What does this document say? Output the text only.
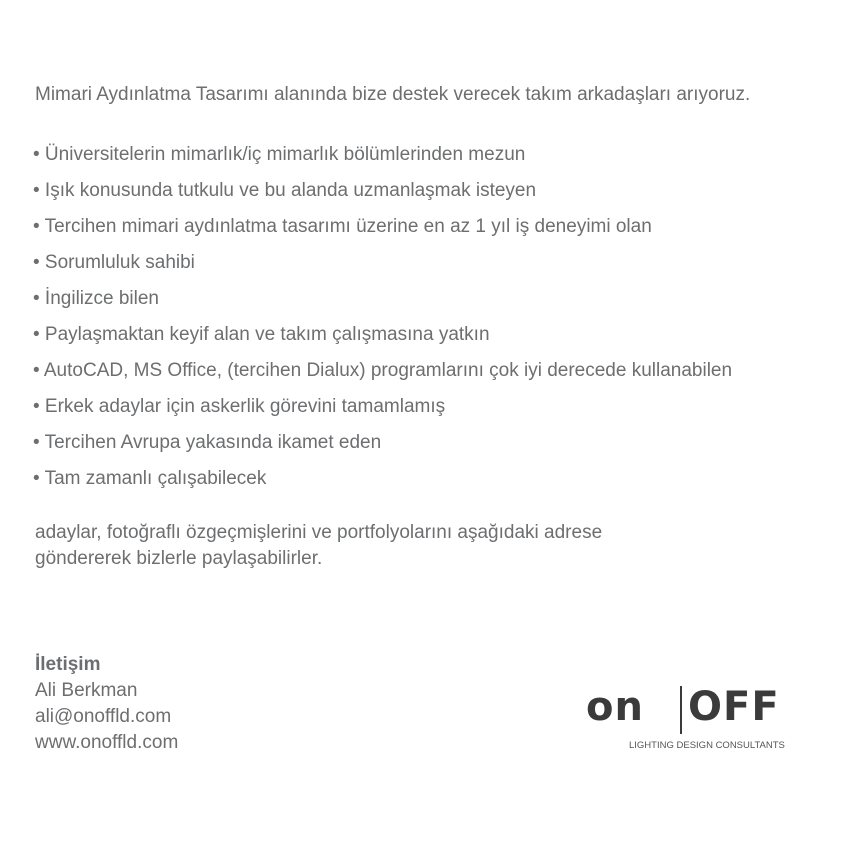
Mimari Aydınlatma Tasarımı alanında bize destek verecek takım arkadaşları arıyoruz.
• Üniversitelerin mimarlık/iç mimarlık bölümlerinden mezun
• Işık konusunda tutkulu ve bu alanda uzmanlaşmak isteyen
• Tercihen mimari aydınlatma tasarımı üzerine en az 1 yıl iş deneyimi olan
• Sorumluluk sahibi
• İngilizce bilen
• Paylaşmaktan keyif alan ve takım çalışmasına yatkın
• AutoCAD, MS Office, (tercihen Dialux) programlarını çok iyi derecede kullanabilen
• Erkek adaylar için askerlik görevini tamamlamış
• Tercihen Avrupa yakasında ikamet eden
• Tam zamanlı çalışabilecek
adaylar, fotoğraflı özgeçmişlerini ve portfolyolarını aşağıdaki adrese
göndererek bizlerle paylaşabilirler.
İletişim
Ali Berkman
ali@onoffld.com
www.onoffld.com
on OFF
LIGHTING DESIGN CONSULTANTS
